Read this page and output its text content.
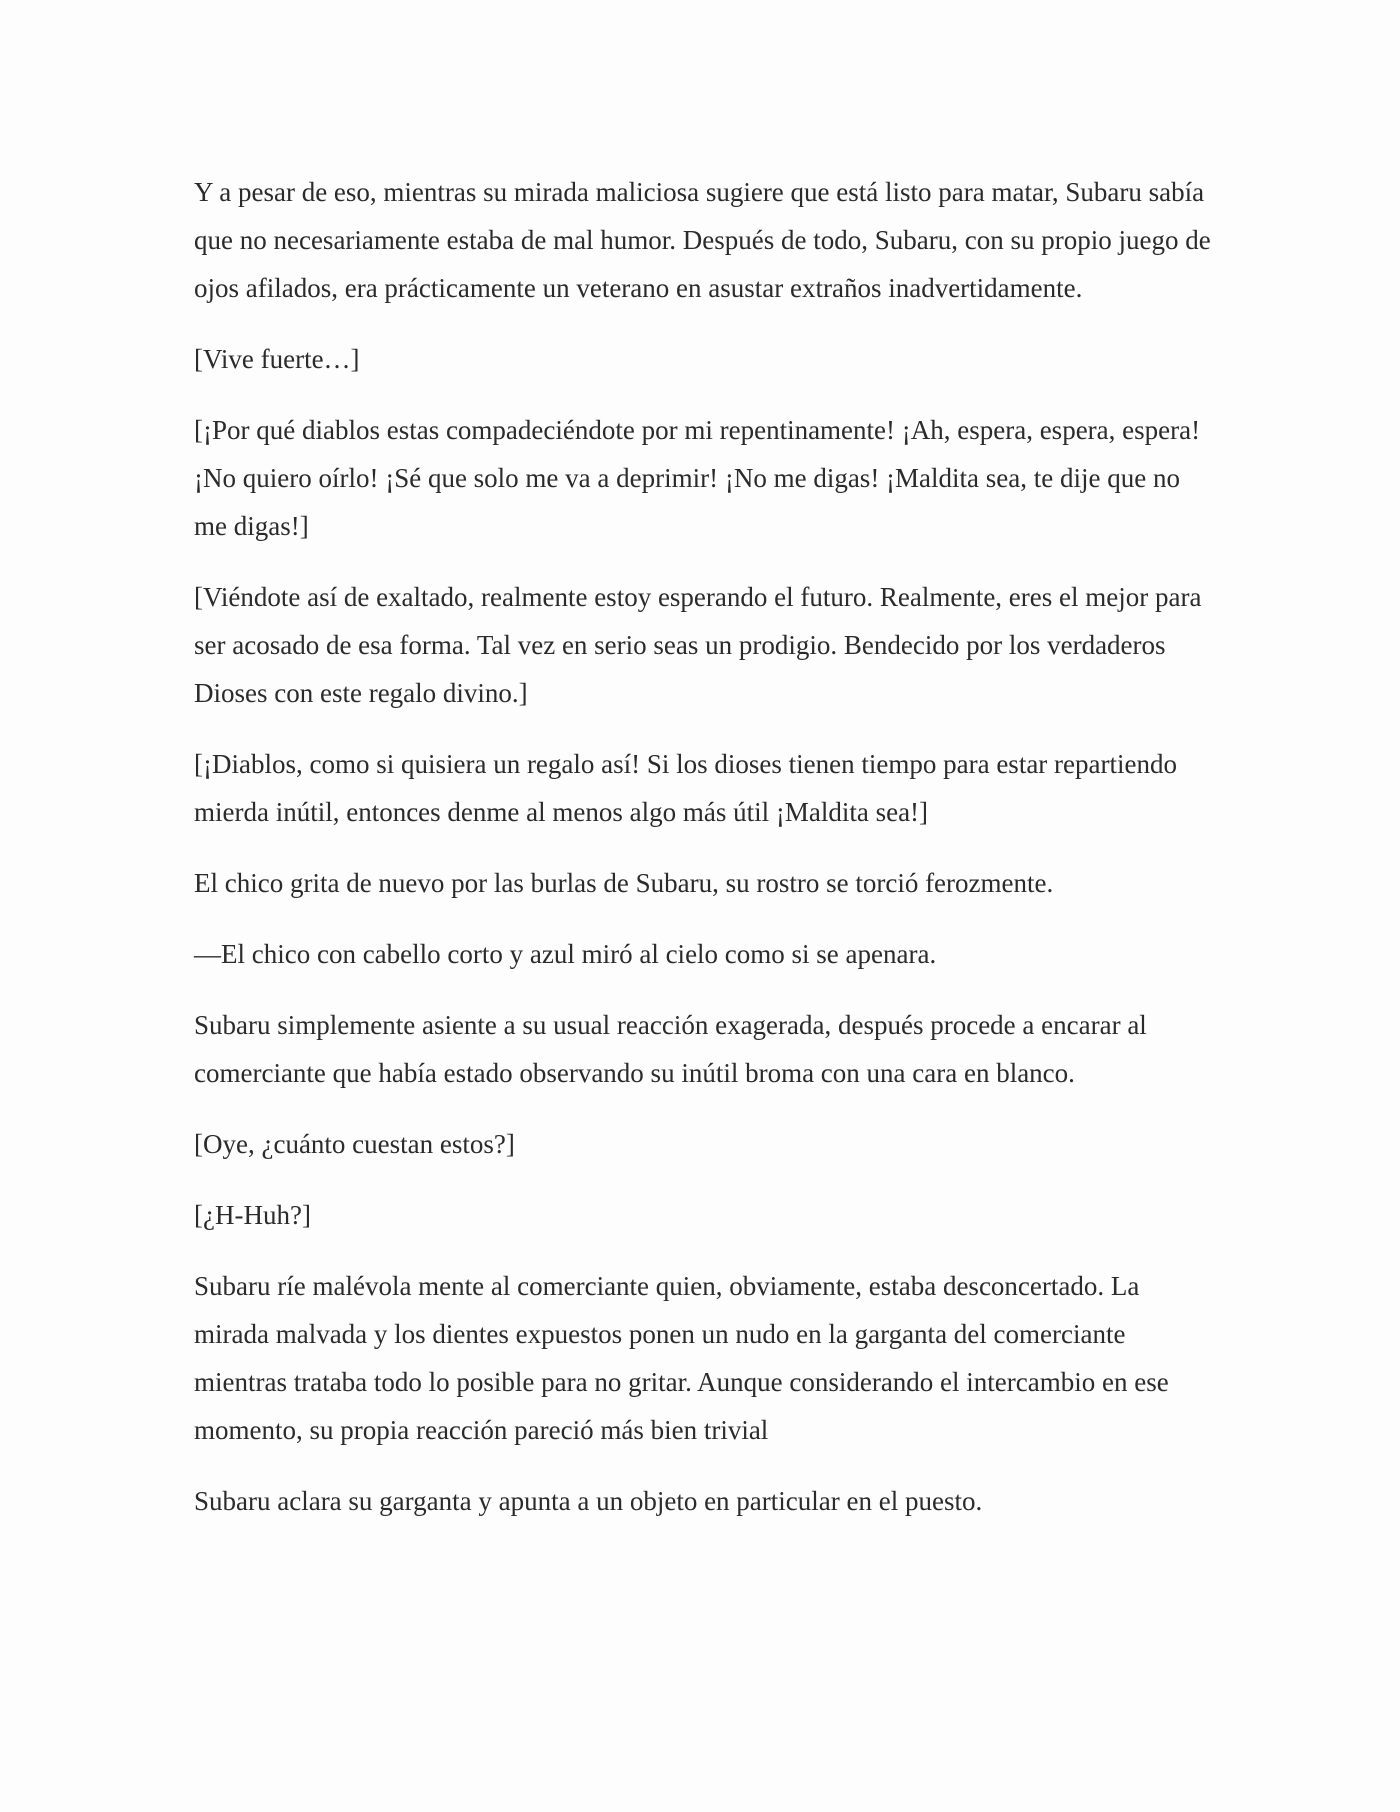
Y a pesar de eso, mientras su mirada maliciosa sugiere que está listo para matar, Subaru sabía que no necesariamente estaba de mal humor. Después de todo, Subaru, con su propio juego de ojos afilados, era prácticamente un veterano en asustar extraños inadvertidamente.

[Vive fuerte…]

[¡Por qué diablos estas compadeciéndote por mi repentinamente! ¡Ah, espera, espera, espera! ¡No quiero oírlo! ¡Sé que solo me va a deprimir! ¡No me digas! ¡Maldita sea, te dije que no me digas!]

[Viéndote así de exaltado, realmente estoy esperando el futuro. Realmente, eres el mejor para ser acosado de esa forma. Tal vez en serio seas un prodigio. Bendecido por los verdaderos Dioses con este regalo divino.]

[¡Diablos, como si quisiera un regalo así! Si los dioses tienen tiempo para estar repartiendo mierda inútil, entonces denme al menos algo más útil ¡Maldita sea!]

El chico grita de nuevo por las burlas de Subaru, su rostro se torció ferozmente.

—El chico con cabello corto y azul miró al cielo como si se apenara.

Subaru simplemente asiente a su usual reacción exagerada, después procede a encarar al comerciante que había estado observando su inútil broma con una cara en blanco.

[Oye, ¿cuánto cuestan estos?]

[¿H-Huh?]

Subaru ríe malévola mente al comerciante quien, obviamente, estaba desconcertado. La mirada malvada y los dientes expuestos ponen un nudo en la garganta del comerciante mientras trataba todo lo posible para no gritar. Aunque considerando el intercambio en ese momento, su propia reacción pareció más bien trivial

Subaru aclara su garganta y apunta a un objeto en particular en el puesto.
